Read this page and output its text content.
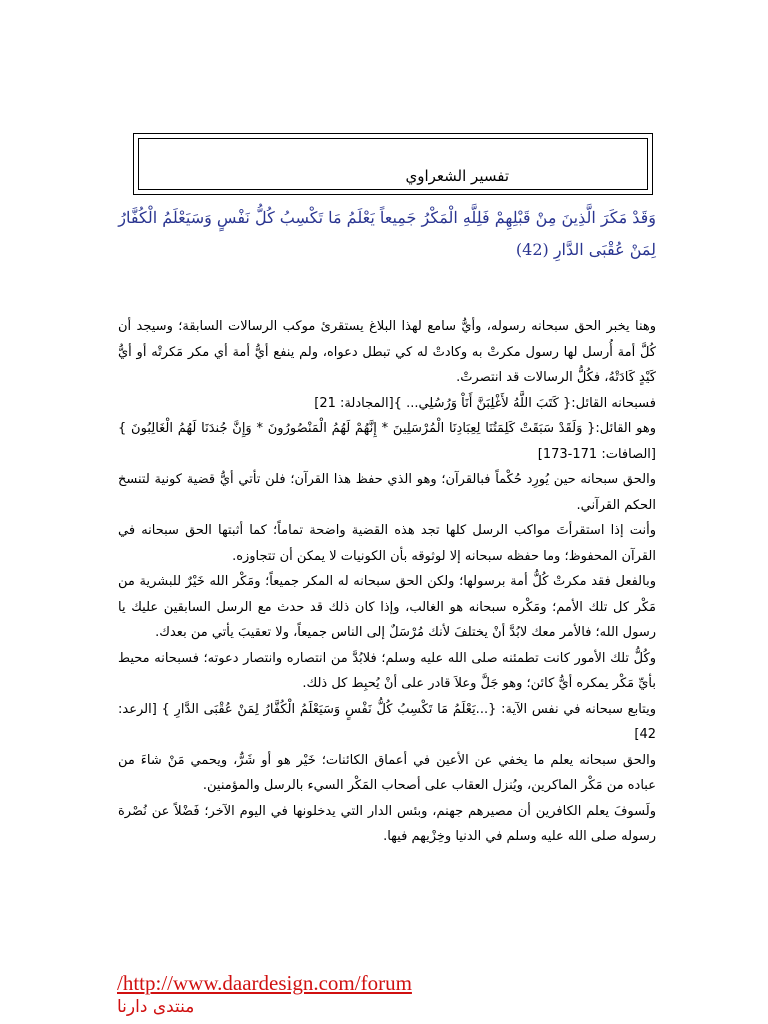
تفسير الشعراوي
وَقَدْ مَكَرَ الَّذِينَ مِنْ قَبْلِهِمْ فَلِلَّهِ الْمَكْرُ جَمِيعاً يَعْلَمُ مَا تَكْسِبُ كُلُّ نَفْسٍ وَسَيَعْلَمُ الْكُفَّارُ لِمَنْ عُقْبَى الدَّارِ (42)

وهنا يخبر الحق سبحانه رسوله، وأيُّ سامع لهذا البلاغ يستقرئ موكب الرسالات السابقة؛ وسيجد أن كُلَّ أمة أُرسل لها رسول مكرتْ به وكادتْ له كي تبطل دعواه، ولم ينفع أيُّ أمة أي مكر مَكرتْه أو أيُّ كَيْدٍ كَادَتْهُ، فكُلُّ الرسالات قد انتصرتْ.

فسبحانه القائل:{ كَتَبَ اللَّهُ لأَغْلِبَنَّ أَنَاْ وَرُسُلِي... }[المجادلة: 21]

وهو القائل:{ وَلَقَدْ سَبَقَتْ كَلِمَتُنَا لِعِبَادِنَا الْمُرْسَلِينَ * إِنَّهُمْ لَهُمُ الْمَنْصُورُونَ * وَإِنَّ جُندَنَا لَهُمُ الْغَالِبُونَ }[الصافات: 171-173]

والحق سبحانه حين يُورِد حُكْماً فبالقرآن؛ وهو الذي حفظ هذا القرآن؛ فلن تأتي أيُّ قضية كونية لتنسخ الحكم القرآني.

وأنت إذا استقرأتَ مواكب الرسل كلها تجد هذه القضية واضحة تماماً؛ كما أثبتها الحق سبحانه في القرآن المحفوظ؛ وما حفظه سبحانه إلا لوثوقه بأن الكونيات لا يمكن أن تتجاوزه.

وبالفعل فقد مكرتْ كُلُّ أمة برسولها؛ ولكن الحق سبحانه له المكر جميعاً؛ ومَكْر الله خَيْرٌ للبشرية من مَكْر كل تلك الأمم؛ ومَكْره سبحانه هو الغالب، وإذا كان ذلك قد حدث مع الرسل السابقين عليك يا رسول الله؛ فالأمر معك لابُدَّ أنْ يختلفَ لأنك مُرْسَلٌ إلى الناس جميعاً، ولا تعقيبَ يأتي من بعدك.

وكُلُّ تلك الأمور كانت تطمئنه صلى الله عليه وسلم؛ فلابُدَّ من انتصاره وانتصار دعوته؛ فسبحانه محيط بأيِّ مَكْر يمكره أيُّ كائن؛ وهو جَلَّ وعلاَ قادر على أنْ يُحبِط كل ذلك.

ويتابع سبحانه في نفس الآية: {...يَعْلَمُ مَا تَكْسِبُ كُلُّ نَفْسٍ وَسَيَعْلَمُ الْكُفَّارُ لِمَنْ عُقْبَى الدَّارِ } [الرعد: 42]

والحق سبحانه يعلم ما يخفي عن الأعين في أعماق الكائنات؛ خَيْر هو أو شَرٌّ، ويحمي مَنْ شاءَ من عباده من مَكْر الماكرين، ويُنزل العقاب على أصحاب المَكْر السيء بالرسل والمؤمنين.

ولَسوفَ يعلم الكافرين أن مصيرهم جهنم، وبئس الدار التي يدخلونها في اليوم الآخر؛ فَضْلاً عن نُصْرة رسوله صلى الله عليه وسلم في الدنيا وخِزْيهم فيها.

/http://www.daardesign.com/forum
منتدى دارنا
